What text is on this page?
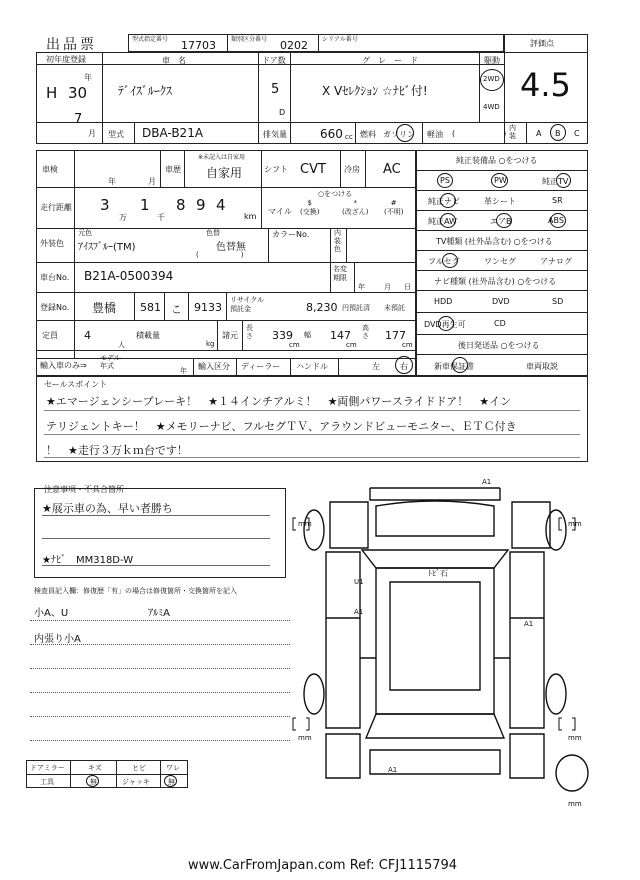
出品票	型式指定番号 17703	類別区分番号 0202 シリアル番号	評価点
初年度登録
年
H 30
7
月
車　名
ﾃﾞｲｽﾞﾙｰｸｽ
ドア数
5
D
グ　レ　ー　ド
X Vｾﾚｸｼｮﾝ ☆ﾅﾋﾞ付!
駆動
2WD
4WD
4.5
型式 DBA-B21A	排気量	660 cc 燃料 ガソリン 軽油 (　　　　　　)
内装	A B C
車検
年	月
車歴
※未記入は自家用
自家用	シフト CVT 冷房 AC
走行距離 3
万
1
千
8 9 4
km
○をつける
マイル
$
(交換)
*
(改ざん)
#
(不明)
外装色
元色
ｱｲｽﾌﾞﾙｰ(TM)
色替
色替無
(　　　　　　)
カラーNo.	内
装
色
車台No. B21A-0500394	名変
期限
年	月 日
登録No. 豊橋 581 こ 9133
リサイクル
預託金	8,230 円預託済 未預託
定員 4
人
積載量
kg
諸元
長さ 339
cm
幅 147
cm
高さ 177
cm
輸入車のみ⇒
モデル
年式
年 輸入区分 ディーラー ハンドル	左	右
純正装備品 ○をつける
PS	PW	純正TV
純正ナビ	革シート	SR
純正AW	エアB	ABS
TV種類 (社外品含む) ○をつける
フルセグ	ワンセグ	アナログ
ナビ種類 (社外品含む) ○をつける
HDD	DVD	SD
DVD再生可	CD
後日発送品 ○をつける
新車保証書	車両取説
セールスポイント
★エマージェンシーブレーキ！　★１４インチアルミ！　★両側パワースライドドア！　★イン
テリジェントキー！　★メモリーナビ、フルセグＴＶ、アラウンドビューモニター、ＥＴＣ付き
！　★走行３万ｋｍ台です！
注意事項・不具合箇所
★展示車の為、早い者勝ち
★ﾅﾋﾞ　MM318D-W
検査員記入欄：修復歴「有」の場合は修復箇所・交換箇所を記入
小A、U　　　　　　　　ｱﾙﾐA
内張り小A
A1
ﾄﾋﾞ石
U1
A1
A1
A1
mm	mm
mm	mm
mm
ドアミラー	キズ	ヒビ	ワレ
工具	無	ジャッキ	無
www.CarFromJapan.com Ref: CFJ1115794
